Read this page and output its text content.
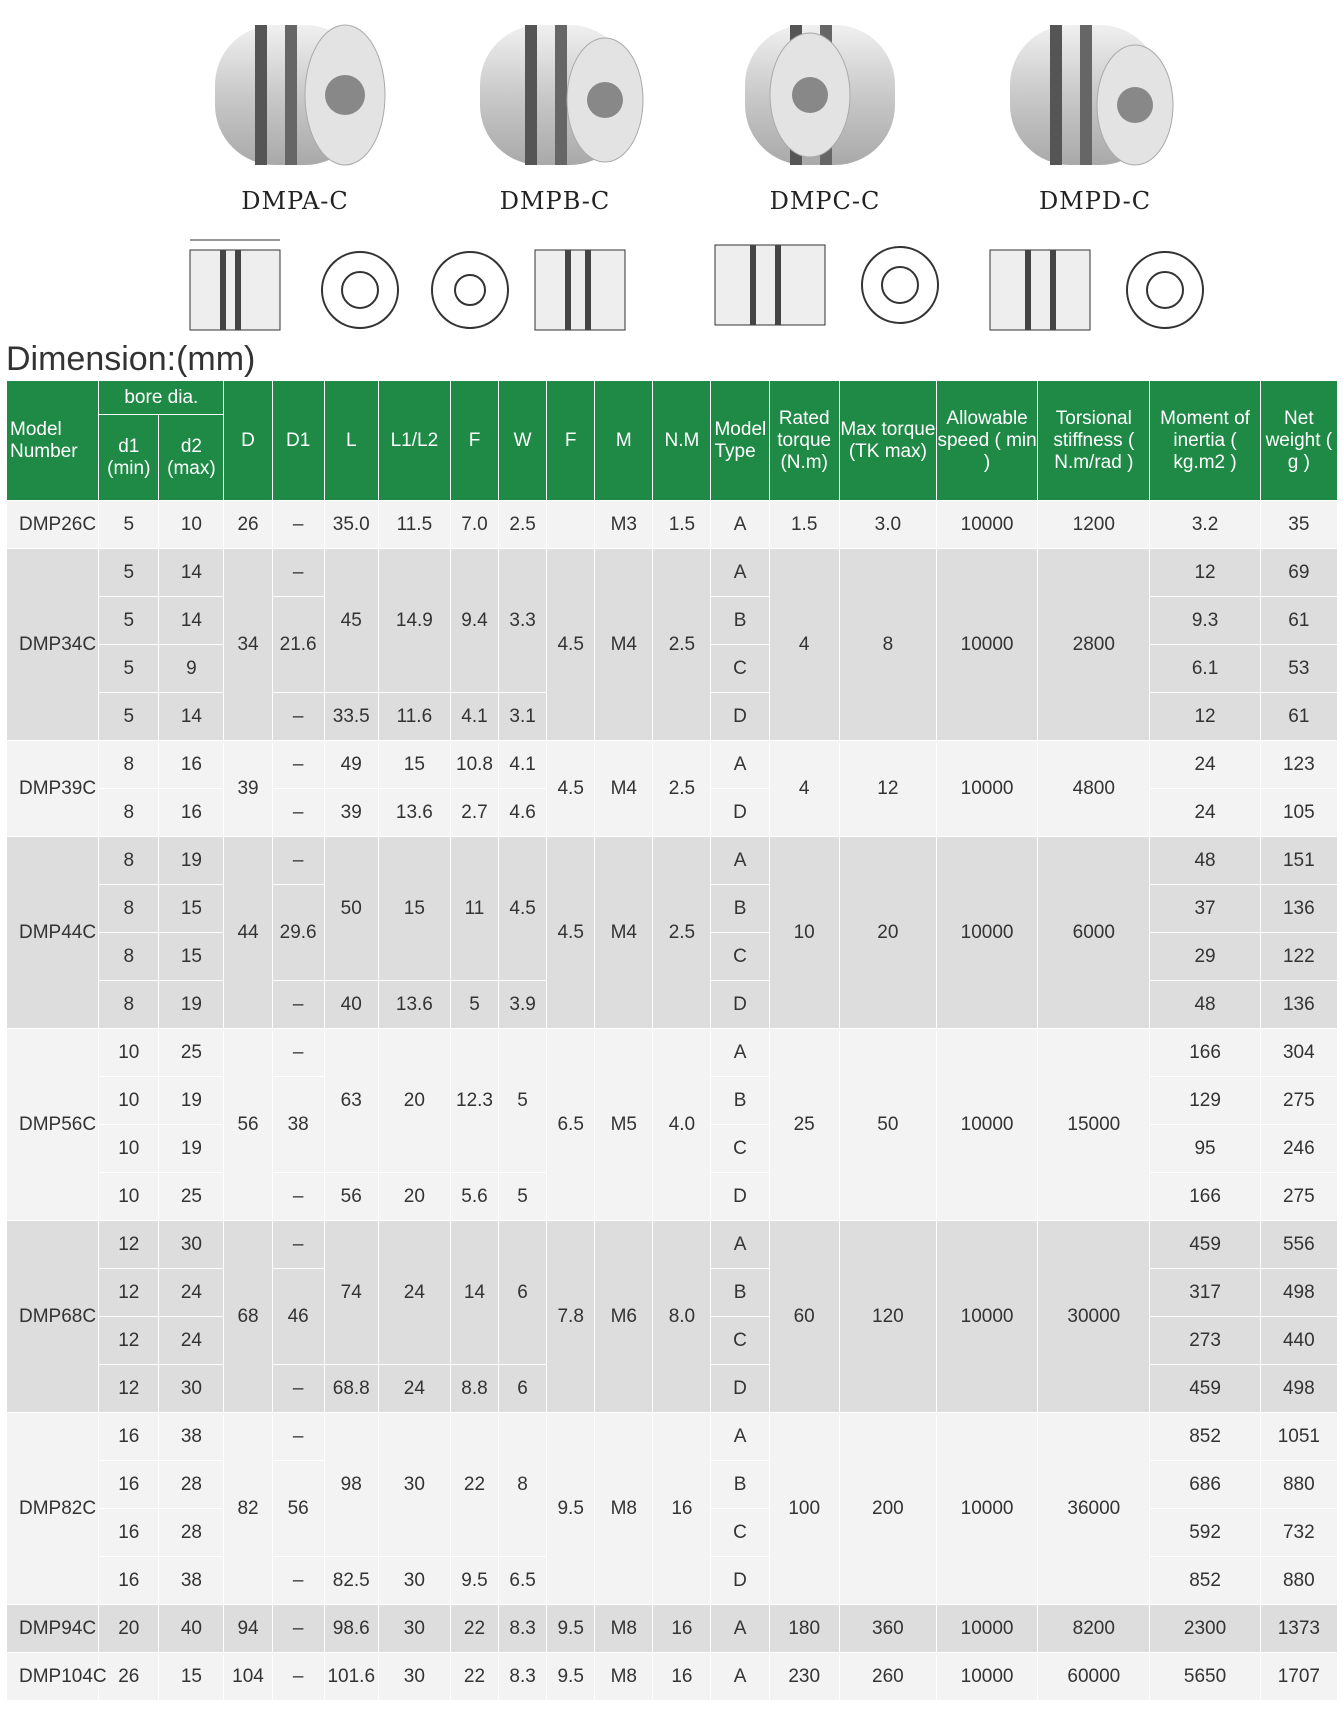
DMPA-C	DMPB-C	DMPC-C	DMPD-C
Dimension:(mm)
Model Number	bore dia.		D	D1	L	L1/L2	F	W	F	M	N.M	Model Type	Rated torque (N.m)	Max torque (TK max)	Allowable speed ( min )	Torsional stiffness ( N.m/rad )	Moment of inertia ( kg.m2 )	Net weight ( g )
	d1 (min)	d2 (max)																
DMP26C	5	10	26	–	35.0	11.5	7.0	2.5		M3	1.5	A	1.5	3.0	10000	1200	3.2	35
DMP34C	5	14	34	–	45	14.9	9.4	3.3	4.5	M4	2.5	A	4	8	10000	2800	12	69
	5	14		21.6								B					9.3	61
	5	9										C					6.1	53
	5	14		–	33.5	11.6	4.1	3.1				D					12	61
DMP39C	8	16	39	–	49	15	10.8	4.1	4.5	M4	2.5	A	4	12	10000	4800	24	123
	8	16		–	39	13.6	2.7	4.6				D					24	105
DMP44C	8	19	44	–	50	15	11	4.5	4.5	M4	2.5	A	10	20	10000	6000	48	151
	8	15		29.6								B					37	136
	8	15										C					29	122
	8	19		–	40	13.6	5	3.9				D					48	136
DMP56C	10	25	56	–	63	20	12.3	5	6.5	M5	4.0	A	25	50	10000	15000	166	304
	10	19		38								B					129	275
	10	19										C					95	246
	10	25		–	56	20	5.6	5				D					166	275
DMP68C	12	30	68	–	74	24	14	6	7.8	M6	8.0	A	60	120	10000	30000	459	556
	12	24		46								B					317	498
	12	24										C					273	440
	12	30		–	68.8	24	8.8	6				D					459	498
DMP82C	16	38	82	–	98	30	22	8	9.5	M8	16	A	100	200	10000	36000	852	1051
	16	28		56								B					686	880
	16	28										C					592	732
	16	38		–	82.5	30	9.5	6.5				D					852	880
DMP94C	20	40	94	–	98.6	30	22	8.3	9.5	M8	16	A	180	360	10000	8200	2300	1373
DMP104C	26	15	104	–	101.6	30	22	8.3	9.5	M8	16	A	230	260	10000	60000	5650	1707
